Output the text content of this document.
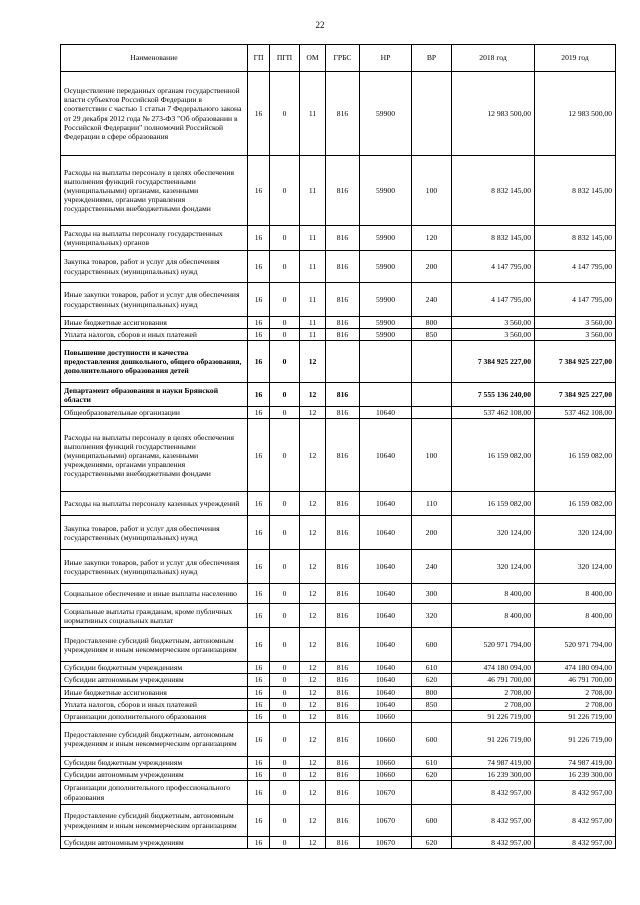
22
Наименование	ГП	ПГП	ОМ	ГРБС	НР	ВР	2018 год	2019 год
Осуществление переданных органам государственной власти субъектов Российской Федерации в соответствии с частью 1 статьи 7 Федерального закона от 29 декабря 2012 года № 273-ФЗ "Об образовании в Российской Федерации" полномочий Российской Федерации в сфере образования	16	0	11	816	59900		12 983 500,00	12 983 500,00
Расходы на выплаты персоналу в целях обеспечения выполнения функций государственными (муниципальными) органами, казенными учреждениями, органами управления государственными внебюджетными фондами	16	0	11	816	59900	100	8 832 145,00	8 832 145,00
Расходы на выплаты персоналу государственных (муниципальных) органов	16	0	11	816	59900	120	8 832 145,00	8 832 145,00
Закупка товаров, работ и услуг для обеспечения государственных (муниципальных) нужд	16	0	11	816	59900	200	4 147 795,00	4 147 795,00
Иные закупки товаров, работ и услуг для обеспечения государственных (муниципальных) нужд	16	0	11	816	59900	240	4 147 795,00	4 147 795,00
Иные бюджетные ассигнования	16	0	11	816	59900	800	3 560,00	3 560,00
Уплата налогов, сборов и иных платежей	16	0	11	816	59900	850	3 560,00	3 560,00
Повышение доступности и качества предоставления дошкольного, общего образования, дополнительного образования детей	16	0	12				7 384 925 227,00	7 384 925 227,00
Департамент образования и науки Брянской области	16	0	12	816			7 555 136 240,00	7 384 925 227,00
Общеобразовательные организации	16	0	12	816	10640		537 462 108,00	537 462 108,00
Расходы на выплаты персоналу в целях обеспечения выполнения функций государственными (муниципальными) органами, казенными учреждениями, органами управления государственными внебюджетными фондами	16	0	12	816	10640	100	16 159 082,00	16 159 082,00
Расходы на выплаты персоналу казенных учреждений	16	0	12	816	10640	110	16 159 082,00	16 159 082,00
Закупка товаров, работ и услуг для обеспечения государственных (муниципальных) нужд	16	0	12	816	10640	200	320 124,00	320 124,00
Иные закупки товаров, работ и услуг для обеспечения государственных (муниципальных) нужд	16	0	12	816	10640	240	320 124,00	320 124,00
Социальное обеспечение и иные выплаты населению	16	0	12	816	10640	300	8 400,00	8 400,00
Социальные выплаты гражданам, кроме публичных нормативных социальных выплат	16	0	12	816	10640	320	8 400,00	8 400,00
Предоставление субсидий бюджетным, автономным учреждениям и иным некоммерческим организациям	16	0	12	816	10640	600	520 971 794,00	520 971 794,00
Субсидии бюджетным учреждениям	16	0	12	816	10640	610	474 180 094,00	474 180 094,00
Субсидии автономным учреждениям	16	0	12	816	10640	620	46 791 700,00	46 791 700,00
Иные бюджетные ассигнования	16	0	12	816	10640	800	2 708,00	2 708,00
Уплата налогов, сборов и иных платежей	16	0	12	816	10640	850	2 708,00	2 708,00
Организации дополнительного образования	16	0	12	816	10660		91 226 719,00	91 226 719,00
Предоставление субсидий бюджетным, автономным учреждениям и иным некоммерческим организациям	16	0	12	816	10660	600	91 226 719,00	91 226 719,00
Субсидии бюджетным учреждениям	16	0	12	816	10660	610	74 987 419,00	74 987 419,00
Субсидии автономным учреждениям	16	0	12	816	10660	620	16 239 300,00	16 239 300,00
Организации дополнительного профессионального образования	16	0	12	816	10670		8 432 957,00	8 432 957,00
Предоставление субсидий бюджетным, автономным учреждениям и иным некоммерческим организациям	16	0	12	816	10670	600	8 432 957,00	8 432 957,00
Субсидии автономным учреждениям	16	0	12	816	10670	620	8 432 957,00	8 432 957,00
